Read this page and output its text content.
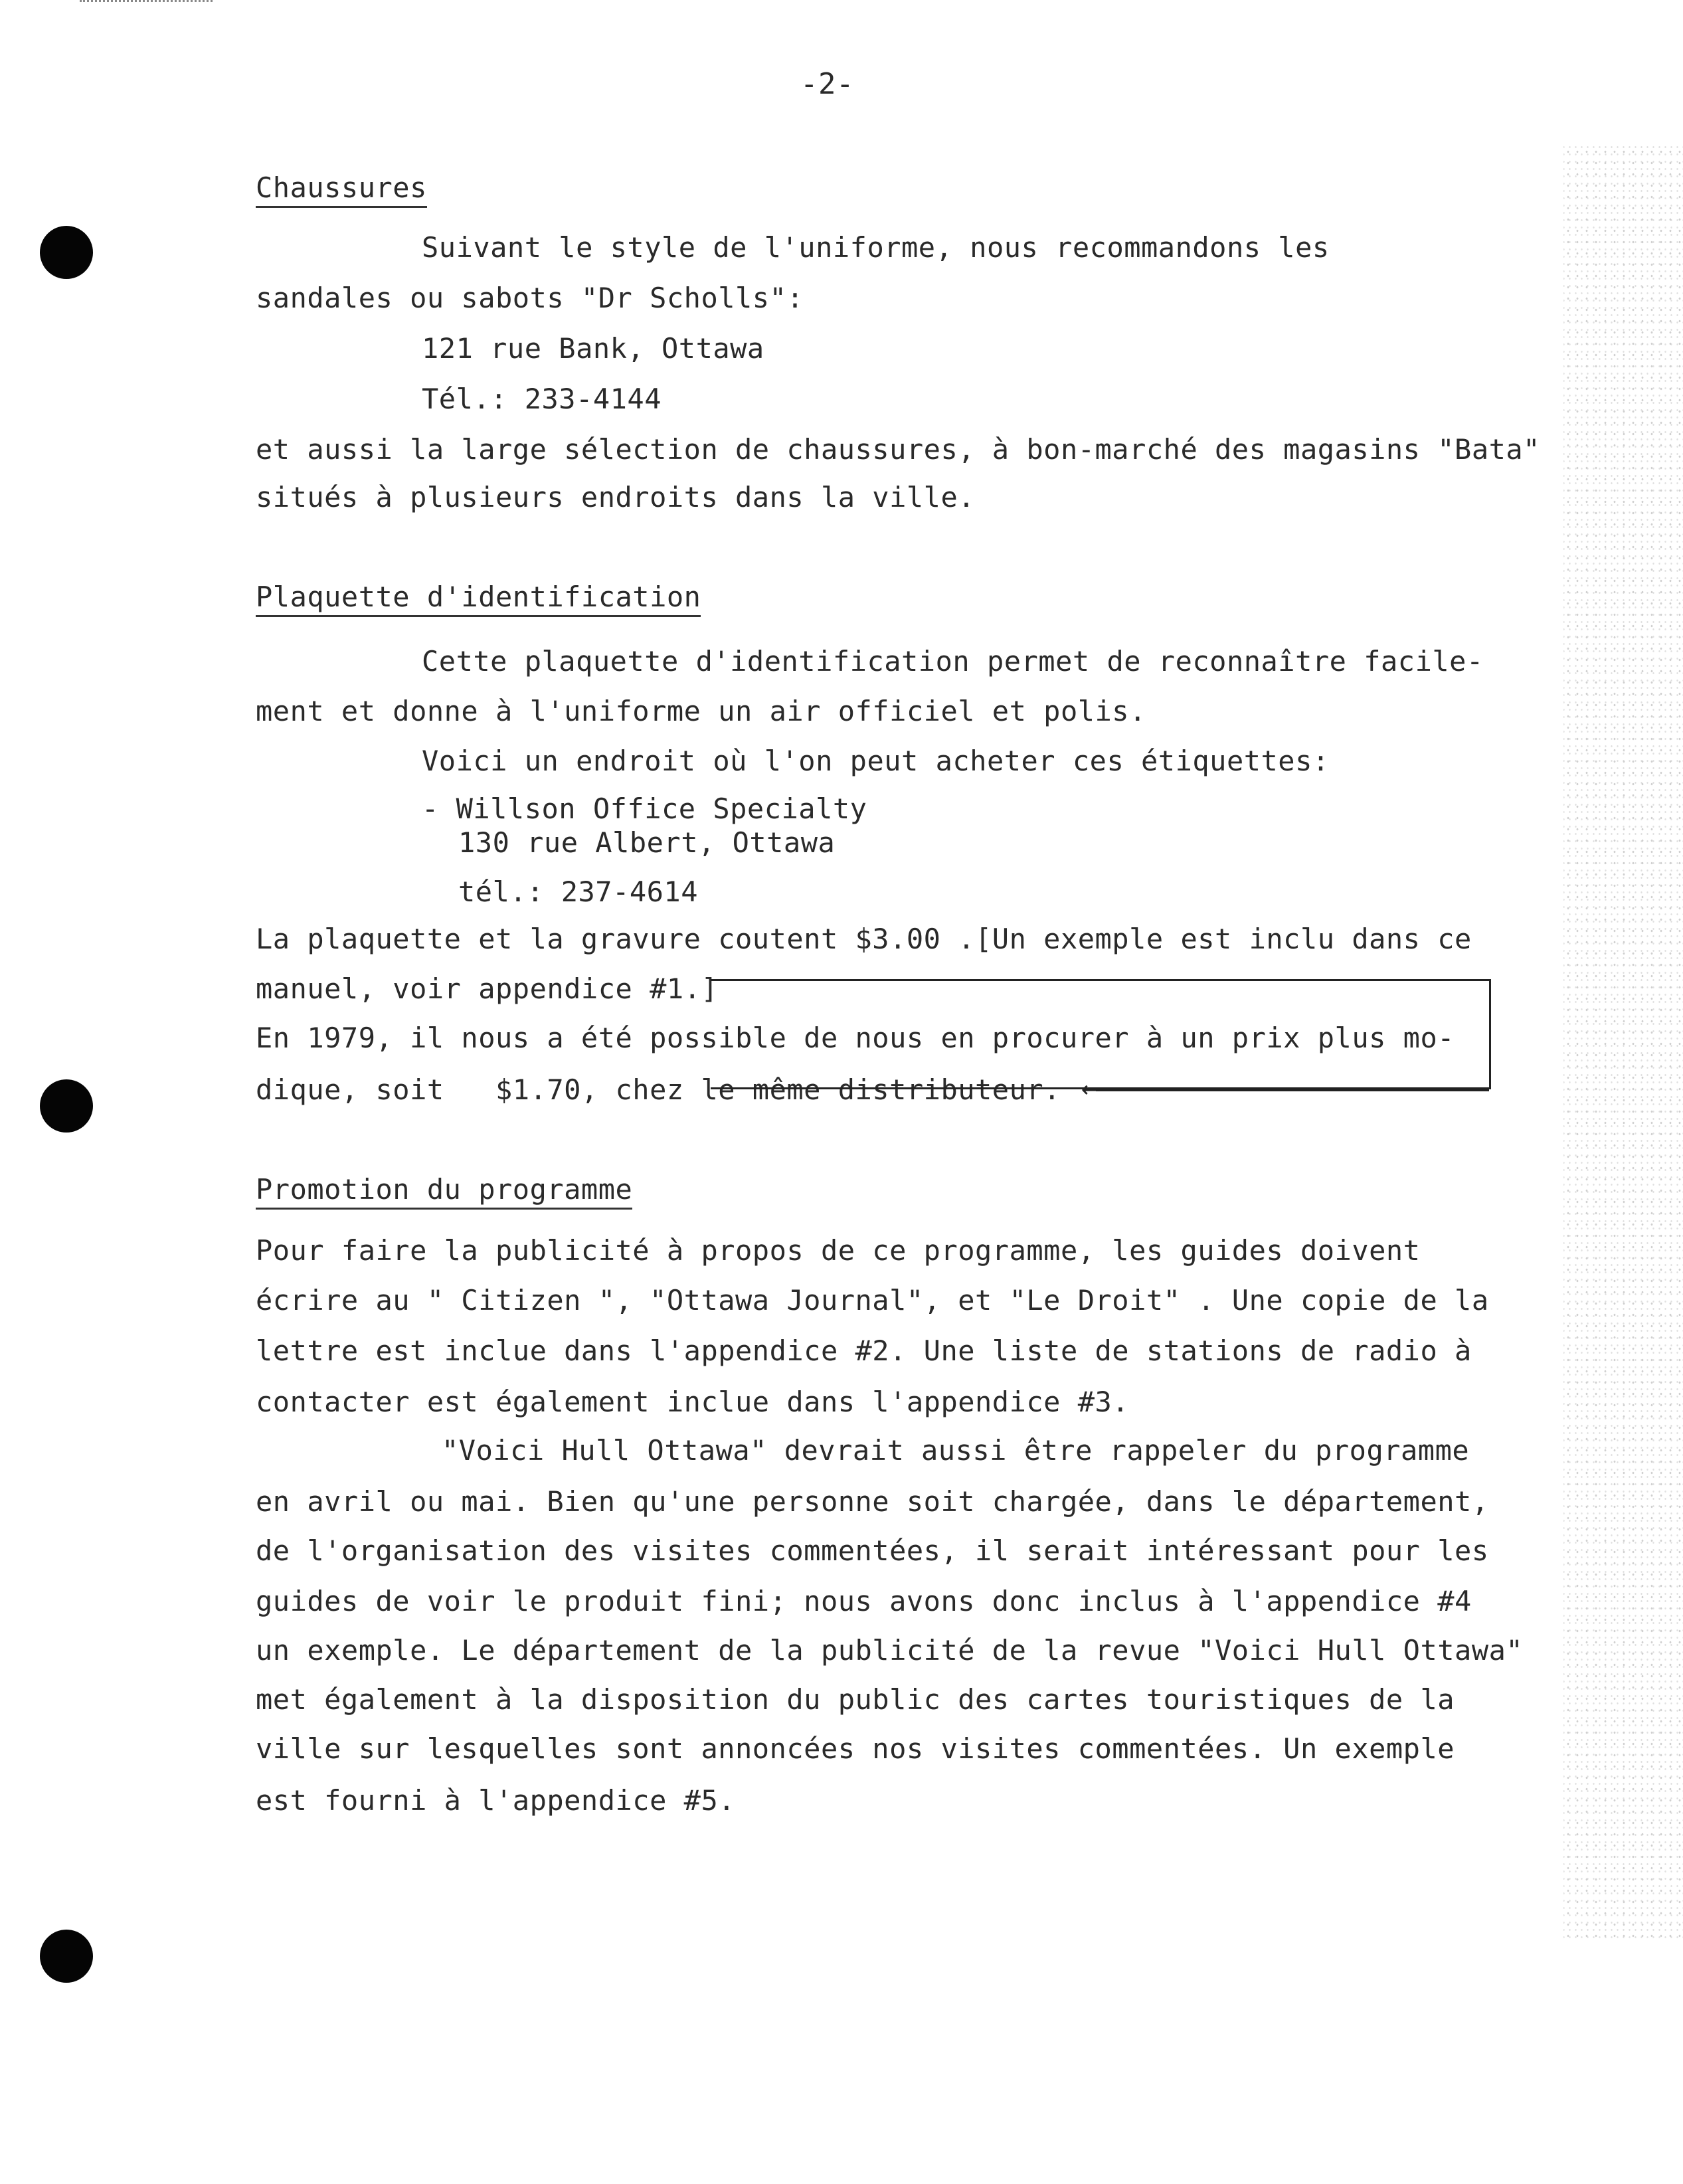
-2-
Chaussures
Suivant le style de l'uniforme, nous recommandons les
sandales ou sabots "Dr Scholls":
121 rue Bank, Ottawa
Tél.: 233-4144
et aussi la large sélection de chaussures, à bon-marché des magasins "Bata"
situés à plusieurs endroits dans la ville.
Plaquette d'identification
Cette plaquette d'identification permet de reconnaître facile-
ment et donne à l'uniforme un air officiel et polis.
Voici un endroit où l'on peut acheter ces étiquettes:
- Willson Office Specialty
130 rue Albert, Ottawa
tél.: 237-4614
La plaquette et la gravure coutent $3.00 .[Un exemple est inclu dans ce
manuel, voir appendice #1.]
En 1979, il nous a été possible de nous en procurer à un prix plus mo-
dique, soit   $1.70, chez le même distributeur. ←
Promotion du programme
Pour faire la publicité à propos de ce programme, les guides doivent
écrire au " Citizen ", "Ottawa Journal", et "Le Droit" . Une copie de la
lettre est inclue dans l'appendice #2. Une liste de stations de radio à
contacter est également inclue dans l'appendice #3.
"Voici Hull Ottawa" devrait aussi être rappeler du programme
en avril ou mai. Bien qu'une personne soit chargée, dans le département,
de l'organisation des visites commentées, il serait intéressant pour les
guides de voir le produit fini; nous avons donc inclus à l'appendice #4
un exemple. Le département de la publicité de la revue "Voici Hull Ottawa"
met également à la disposition du public des cartes touristiques de la
ville sur lesquelles sont annoncées nos visites commentées. Un exemple
est fourni à l'appendice #5.
